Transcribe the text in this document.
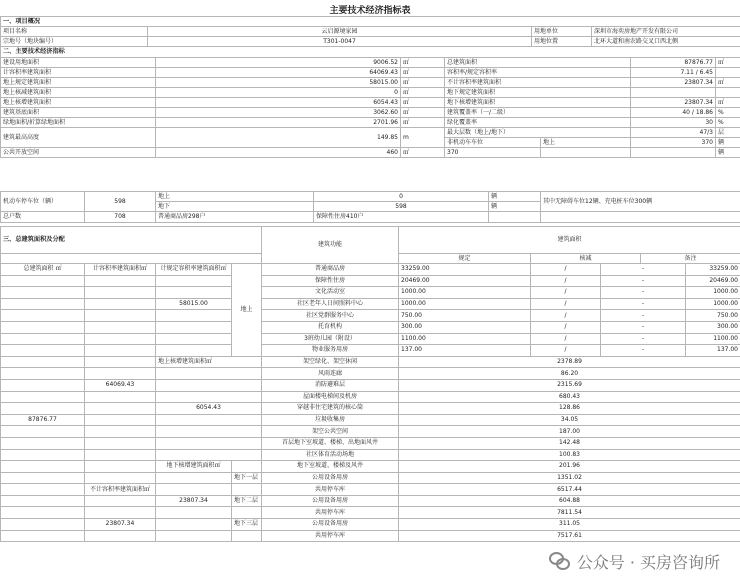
主要技术经济指标表
一、项目概况			
项目名称	云启源境家园	用地单位	深圳市海奕房地产开发有限公司
宗地号（地块编号）	T301-0047	用地位置	北环大道和南农路交叉口西北侧
二、主要技术经济指标						
建设用地面积	9006.52	㎡	总建筑面积		87876.77	㎡
计容积率建筑面积	64069.43	㎡	容积率/规定容积率		7.11 / 6.45	
地上规定建筑面积	58015.00	㎡	不计容积率建筑面积		23807.34	㎡
地上核减建筑面积	0	㎡	地下规定建筑面积			
地上核增建筑面积	6054.43	㎡	地下核增建筑面积		23807.34	㎡
建筑基底面积	3062.60	㎡	建筑覆盖率（一/二级）		40 / 18.86	%
绿地面积/折算绿地面积	2701.96	㎡	绿化覆盖率		30	%
建筑最高高度	149.85	m	最大层数（地上/地下）		47/3	层
			非机动车车位	地上	370	辆
公共开放空间	460	㎡	370			辆
机动车停车位（辆）	598	地上	0	辆	其中无障碍车位12辆、充电桩车位300辆
		地下	598	辆	
总户数	708	普通商品房298户	保障性住房410户		
三、总建筑面积及分配	建筑功能	建筑面积		
		规定	核减	备注
总建筑面积 ㎡	计容积率建筑面积㎡	计规定容积率建筑面积㎡	地上	普通商品房	33259.00	/	-	33259.00
				保障性住房	20469.00	/	-	20469.00
				文化活动室	1000.00	/	-	1000.00
		58015.00		社区老年人日间照料中心	1000.00	/	-	1000.00
				社区党群服务中心	750.00	/	-	750.00
				托育机构	300.00	/	-	300.00
				3班幼儿园（附设）	1100.00	/	-	1100.00
				物业服务用房	137.00	/	-	137.00
		地上核增建筑面积㎡		架空绿化、架空休闲	2378.89			
				风雨连廊	86.20			
	64069.43			消防避难层	2315.69			
				屋面楼电梯间及机房	680.43			
		6054.43		穿越非住宅建筑的核心筒	128.86			
87876.77				垃圾收集房	34.05			
				架空公共空间	187.00			
				首层地下室坡道、楼梯、出地面风井	142.48			
				社区体育活动场地	100.83			
		地下核增建筑面积㎡		地下室坡道、楼梯及风井	201.96			
			地下一层	公用设备用房	1351.02			
	不计容积率建筑面积㎡			共用停车库	6517.44			
		23807.34	地下二层	公用设备用房	604.88			
				共用停车库	7811.54			
	23807.34		地下三层	公用设备用房	311.05			
				共用停车库	7517.61			
公众号 · 买房咨询所
